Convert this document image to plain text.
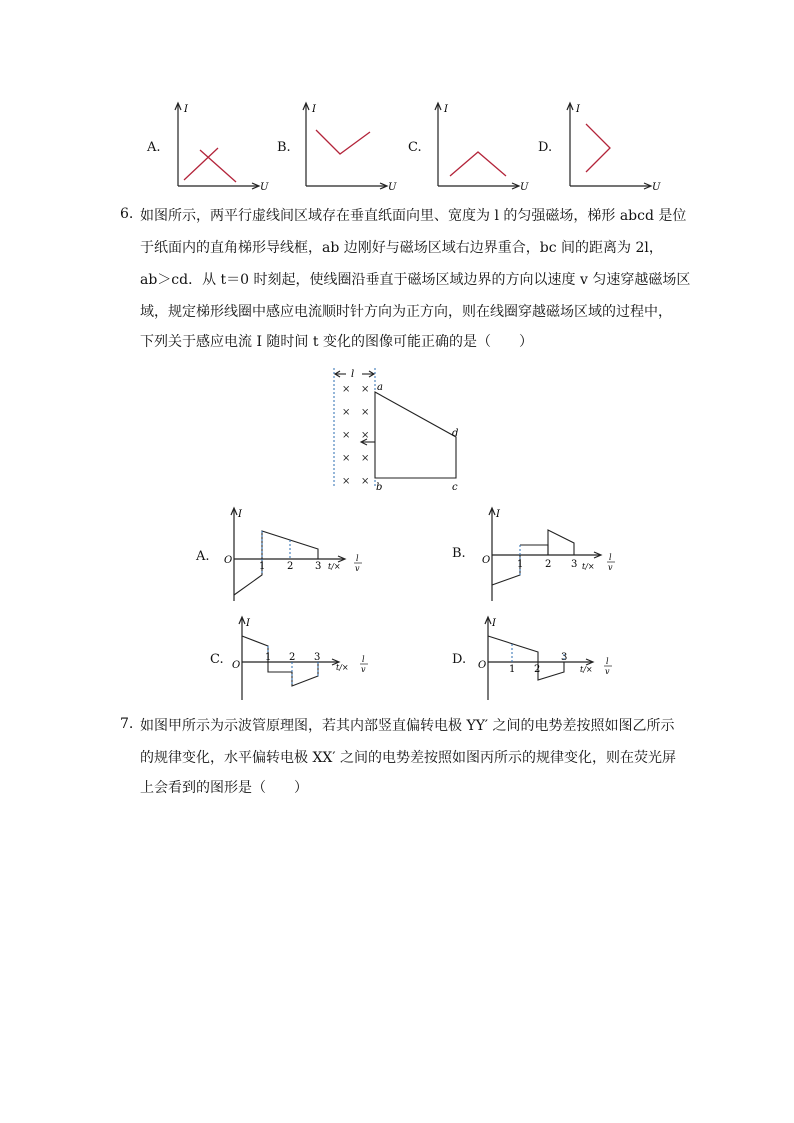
A.
I
U
B.
I
U
C.
I
U
D.
I
U
6. 如图所示，两平行虚线间区域存在垂直纸面向里、宽度为 l 的匀强磁场，梯形 abcd 是位
于纸面内的直角梯形导线框，ab 边刚好与磁场区域右边界重合，bc 间的距离为 2l，
ab＞cd．从 t＝0 时刻起，使线圈沿垂直于磁场区域边界的方向以速度 v 匀速穿越磁场区
域，规定梯形线圈中感应电流顺时针方向为正方向，则在线圈穿越磁场区域的过程中，
下列关于感应电流 I 随时间 t 变化的图像可能正确的是（　　）
l
× ×
× ×
× ×
× ×
× ×
a
b	c
d
A.
I
O
1 2 3 t/×
l
v
B.
I
O	1 2 3 t/×
l
v
C.
I
O
1 2 3
t/×
l
v
D.
I
O 1 2
3
t/×
l
v
7. 如图甲所示为示波管原理图，若其内部竖直偏转电极 YY′ 之间的电势差按照如图乙所示
的规律变化，水平偏转电极 XX′ 之间的电势差按照如图丙所示的规律变化，则在荧光屏
上会看到的图形是（　　）
